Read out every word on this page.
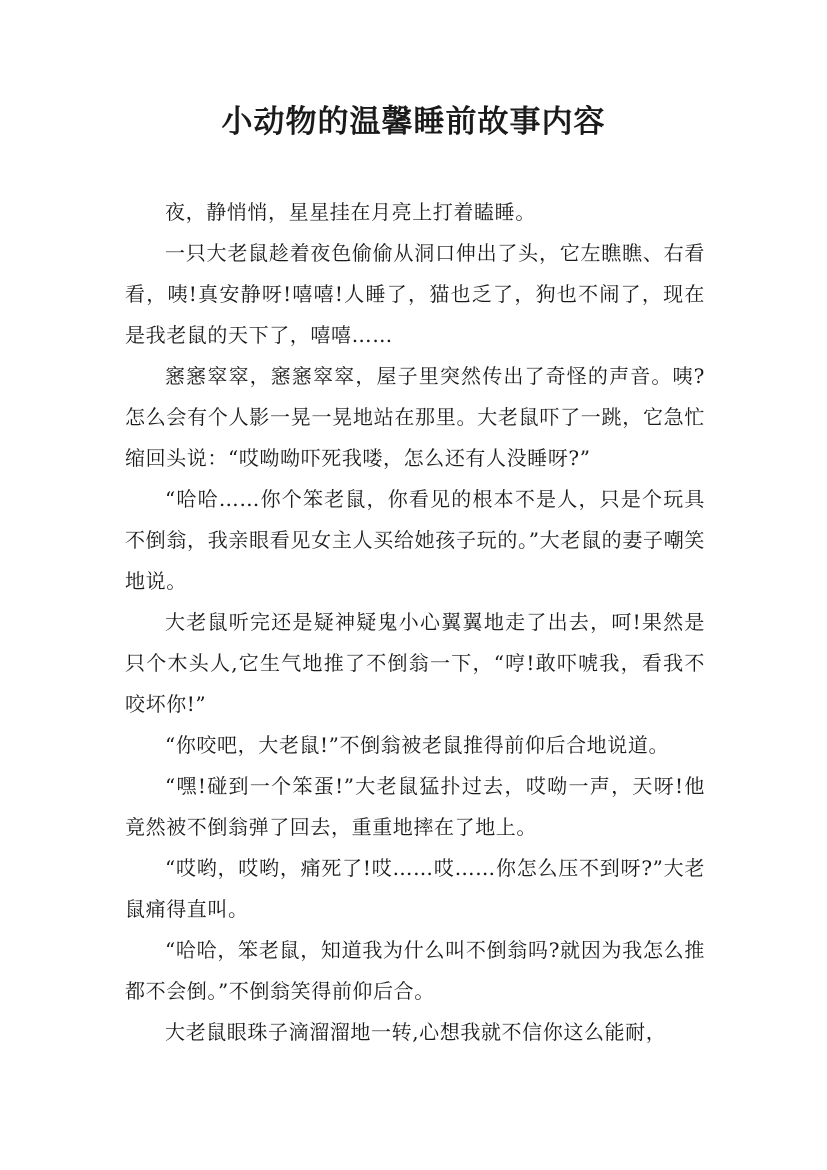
小动物的温馨睡前故事内容

夜，静悄悄，星星挂在月亮上打着瞌睡。

一只大老鼠趁着夜色偷偷从洞口伸出了头，它左瞧瞧、右看看，咦!真安静呀!嘻嘻!人睡了，猫也乏了，狗也不闹了，现在是我老鼠的天下了，嘻嘻……

窸窸窣窣，窸窸窣窣，屋子里突然传出了奇怪的声音。咦?怎么会有个人影一晃一晃地站在那里。大老鼠吓了一跳，它急忙缩回头说：“哎呦呦吓死我喽，怎么还有人没睡呀?”

“哈哈……你个笨老鼠，你看见的根本不是人，只是个玩具不倒翁，我亲眼看见女主人买给她孩子玩的。”大老鼠的妻子嘲笑地说。

大老鼠听完还是疑神疑鬼小心翼翼地走了出去，呵!果然是只个木头人,它生气地推了不倒翁一下，“哼!敢吓唬我，看我不咬坏你!”

“你咬吧，大老鼠!”不倒翁被老鼠推得前仰后合地说道。

“嘿!碰到一个笨蛋!”大老鼠猛扑过去，哎呦一声，天呀!他竟然被不倒翁弹了回去，重重地摔在了地上。

“哎哟，哎哟，痛死了!哎……哎……你怎么压不到呀?”大老鼠痛得直叫。

“哈哈，笨老鼠，知道我为什么叫不倒翁吗?就因为我怎么推都不会倒。”不倒翁笑得前仰后合。

大老鼠眼珠子滴溜溜地一转,心想我就不信你这么能耐，
